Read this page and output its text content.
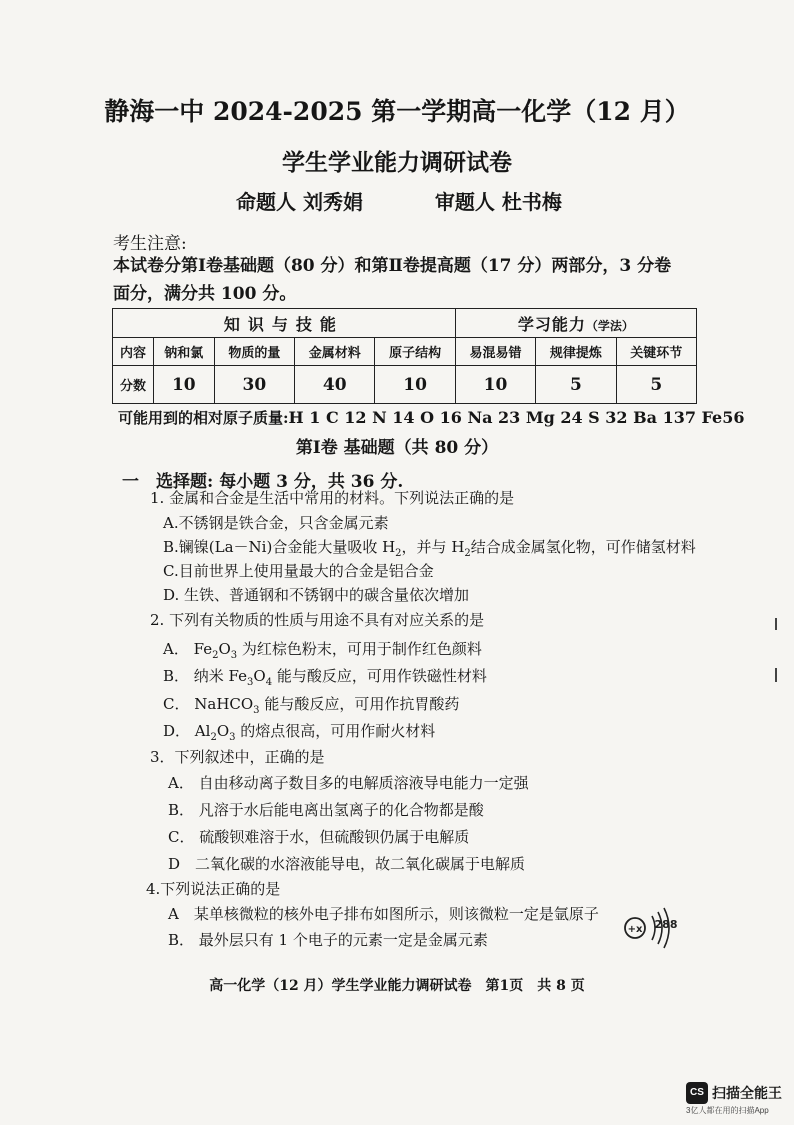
静海一中 2024-2025 第一学期高一化学（12 月）
学生学业能力调研试卷
命题人 刘秀娟	审题人 杜书梅
考生注意:
本试卷分第Ⅰ卷基础题（80 分）和第Ⅱ卷提高题（17 分）两部分，3 分卷面分，满分共 100 分。
知识与技能					学习能力（学法）		
内容	钠和氯	物质的量	金属材料	原子结构	易混易错	规律提炼	关键环节
分数	10	30	40	10	10	5	5
可能用到的相对原子质量:H 1 C 12 N 14 O 16 Na 23 Mg 24 S 32 Ba 137 Fe56
第Ⅰ卷 基础题（共 80 分）
一　选择题: 每小题 3 分，共 36 分.
1. 金属和合金是生活中常用的材料。下列说法正确的是
A.不锈钢是铁合金，只含金属元素
B.镧镍(La－Ni)合金能大量吸收 $H_2$，并与 $H_2$结合成金属氢化物，可作储氢材料
C.目前世界上使用量最大的合金是铝合金
D. 生铁、普通钢和不锈钢中的碳含量依次增加
2. 下列有关物质的性质与用途不具有对应关系的是
A． $Fe_2O_3$ 为红棕色粉末，可用于制作红色颜料
B． 纳米 $Fe_3O_4$ 能与酸反应，可用作铁磁性材料
C． NaHCO$_3$ 能与酸反应，可用作抗胃酸药
D． $Al_2O_3$ 的熔点很高，可用作耐火材料
3．下列叙述中，正确的是
A． 自由移动离子数目多的电解质溶液导电能力一定强
B． 凡溶于水后能电离出氢离子的化合物都是酸
C． 硫酸钡难溶于水，但硫酸钡仍属于电解质
D　二氧化碳的水溶液能导电，故二氧化碳属于电解质
4.下列说法正确的是
A　某单核微粒的核外电子排布如图所示，则该微粒一定是氩原子
B． 最外层只有 1 个电子的元素一定是金属元素
+x 288
高一化学（12 月）学生学业能力调研试卷　第1页　共 8 页
CS 扫描全能王
3亿人都在用的扫描App
